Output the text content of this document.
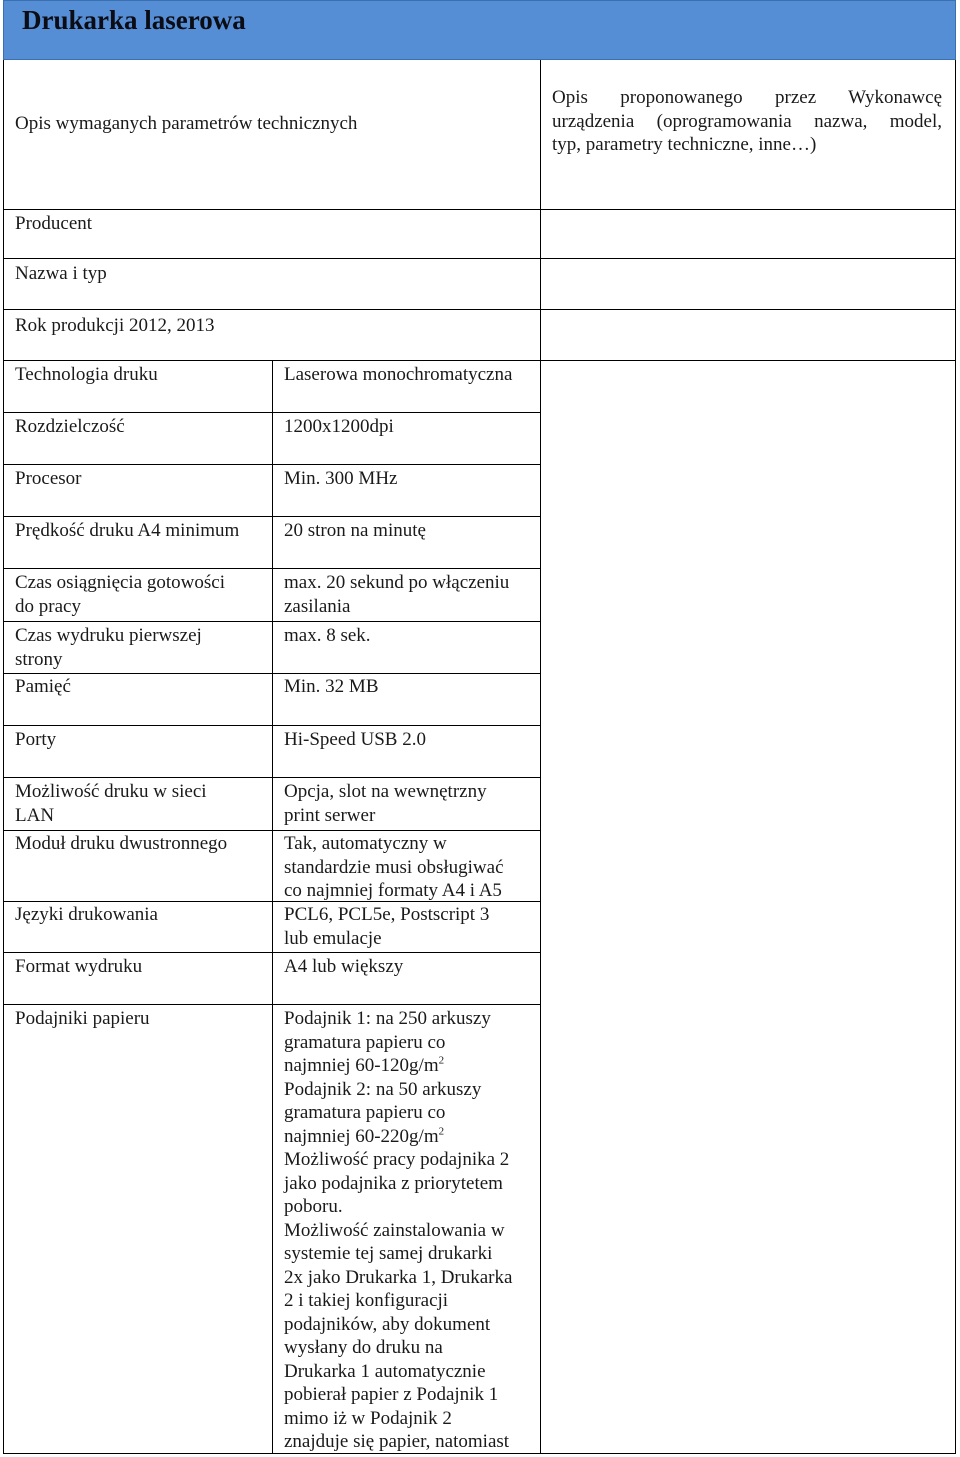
Drukarka laserowa
Opis wymaganych parametrów technicznych
Opis proponowanego przez Wykonawcę
urządzenia (oprogramowania nazwa, model,
typ, parametry techniczne, inne…)
Producent
Nazwa i typ
Rok produkcji 2012, 2013
Technologia druku
Rozdzielczość
Procesor
Prędkość druku A4 minimum
Czas osiągnięcia gotowości
do pracy
Czas wydruku pierwszej
strony
Pamięć
Porty
Możliwość druku w sieci
LAN
Moduł druku dwustronnego
Języki drukowania
Format wydruku
Podajniki papieru
Laserowa monochromatyczna
1200x1200dpi
Min. 300 MHz
20 stron na minutę
max. 20 sekund po włączeniu
zasilania
max. 8 sek.
Min. 32 MB
Hi-Speed USB 2.0
Opcja, slot na wewnętrzny
print serwer
Tak, automatyczny w
standardzie musi obsługiwać
co najmniej formaty A4 i A5
PCL6, PCL5e, Postscript 3
lub emulacje
A4 lub większy
Podajnik 1: na 250 arkuszy
gramatura papieru co
najmniej $60-120g/m^2$
Podajnik 2: na 50 arkuszy
gramatura papieru co
najmniej $60-220g/m^2$
Możliwość pracy podajnika 2
jako podajnika z priorytetem
poboru.
Możliwość zainstalowania w
systemie tej samej drukarki
2x jako Drukarka 1, Drukarka
2 i takiej konfiguracji
podajników, aby dokument
wysłany do druku na
Drukarka 1 automatycznie
pobierał papier z Podajnik 1
mimo iż w Podajnik 2
znajduje się papier, natomiast
